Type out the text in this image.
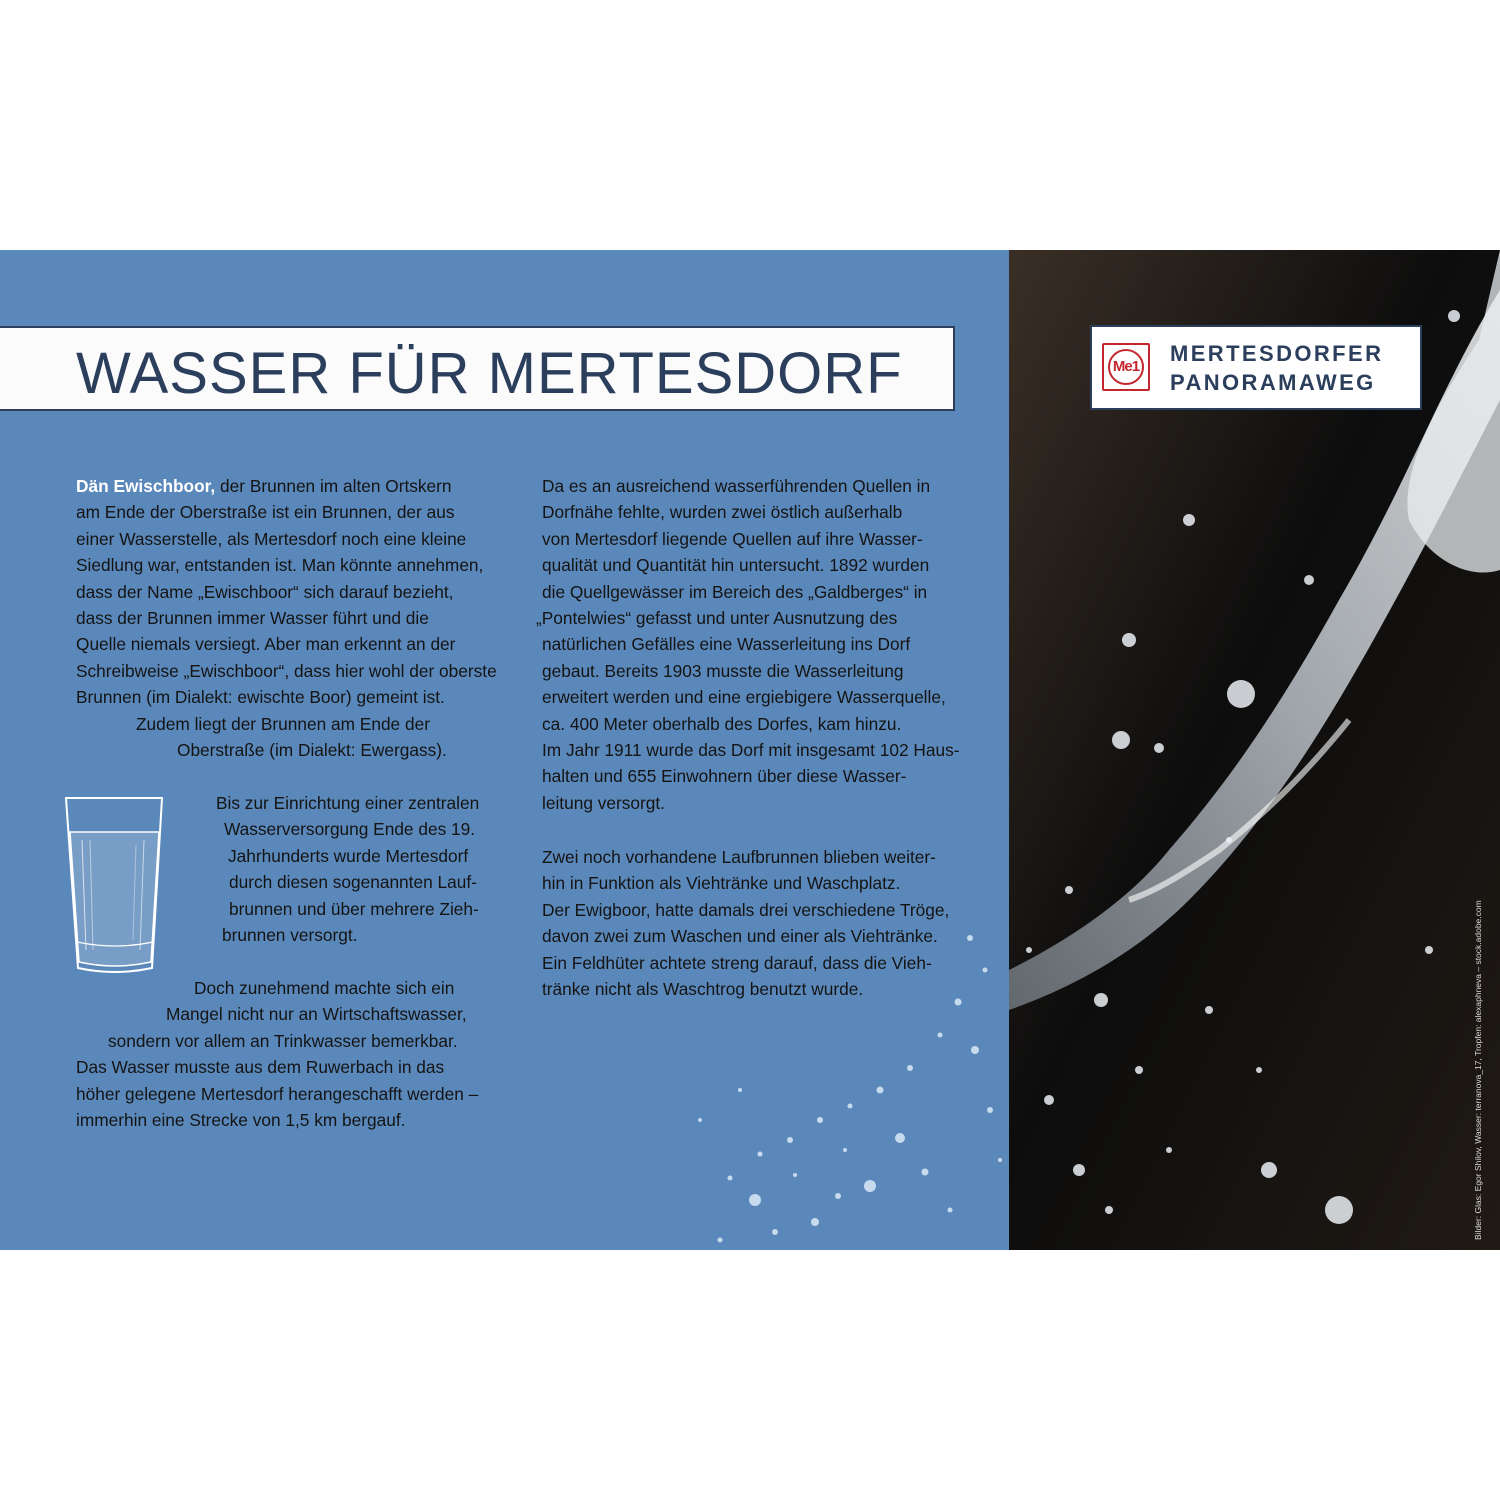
WASSER FÜR MERTESDORF
Dän Ewischboor, der Brunnen im alten Ortskern
am Ende der Oberstraße ist ein Brunnen, der aus
einer Wasserstelle, als Mertesdorf noch eine kleine
Siedlung war, entstanden ist. Man könnte annehmen,
dass der Name „Ewischboor“ sich darauf bezieht,
dass der Brunnen immer Wasser führt und die
Quelle niemals versiegt. Aber man erkennt an der
Schreibweise „Ewischboor“, dass hier wohl der oberste
Brunnen (im Dialekt: ewischte Boor) gemeint ist.
Zudem liegt der Brunnen am Ende der
Oberstraße (im Dialekt: Ewergass).
Bis zur Einrichtung einer zentralen
Wasserversorgung Ende des 19.
Jahrhunderts wurde Mertesdorf
durch diesen sogenannten Lauf-
brunnen und über mehrere Zieh-
brunnen versorgt.
Doch zunehmend machte sich ein
Mangel nicht nur an Wirtschaftswasser,
sondern vor allem an Trinkwasser bemerkbar.
Das Wasser musste aus dem Ruwerbach in das
höher gelegene Mertesdorf herangeschafft werden –
immerhin eine Strecke von 1,5 km bergauf.
Da es an ausreichend wasserführenden Quellen in
Dorfnähe fehlte, wurden zwei östlich außerhalb
von Mertesdorf liegende Quellen auf ihre Wasser-
qualität und Quantität hin untersucht. 1892 wurden
die Quellgewässer im Bereich des „Galdberges“ in
„Pontelwies“ gefasst und unter Ausnutzung des
natürlichen Gefälles eine Wasserleitung ins Dorf
gebaut. Bereits 1903 musste die Wasserleitung
erweitert werden und eine ergiebigere Wasserquelle,
ca. 400 Meter oberhalb des Dorfes, kam hinzu.
Im Jahr 1911 wurde das Dorf mit insgesamt 102 Haus-
halten und 655 Einwohnern über diese Wasser-
leitung versorgt.
Zwei noch vorhandene Laufbrunnen blieben weiter-
hin in Funktion als Viehtränke und Waschplatz.
Der Ewigboor, hatte damals drei verschiedene Tröge,
davon zwei zum Waschen und einer als Viehtränke.
Ein Feldhüter achtete streng darauf, dass die Vieh-
tränke nicht als Waschtrog benutzt wurde.	Bilder: Glas: Egor Shilov, Wasser: terranova_17, Tropfen: alexaphneva – stock.adobe.com
Me1
MERTESDORFER
PANORAMAWEG
